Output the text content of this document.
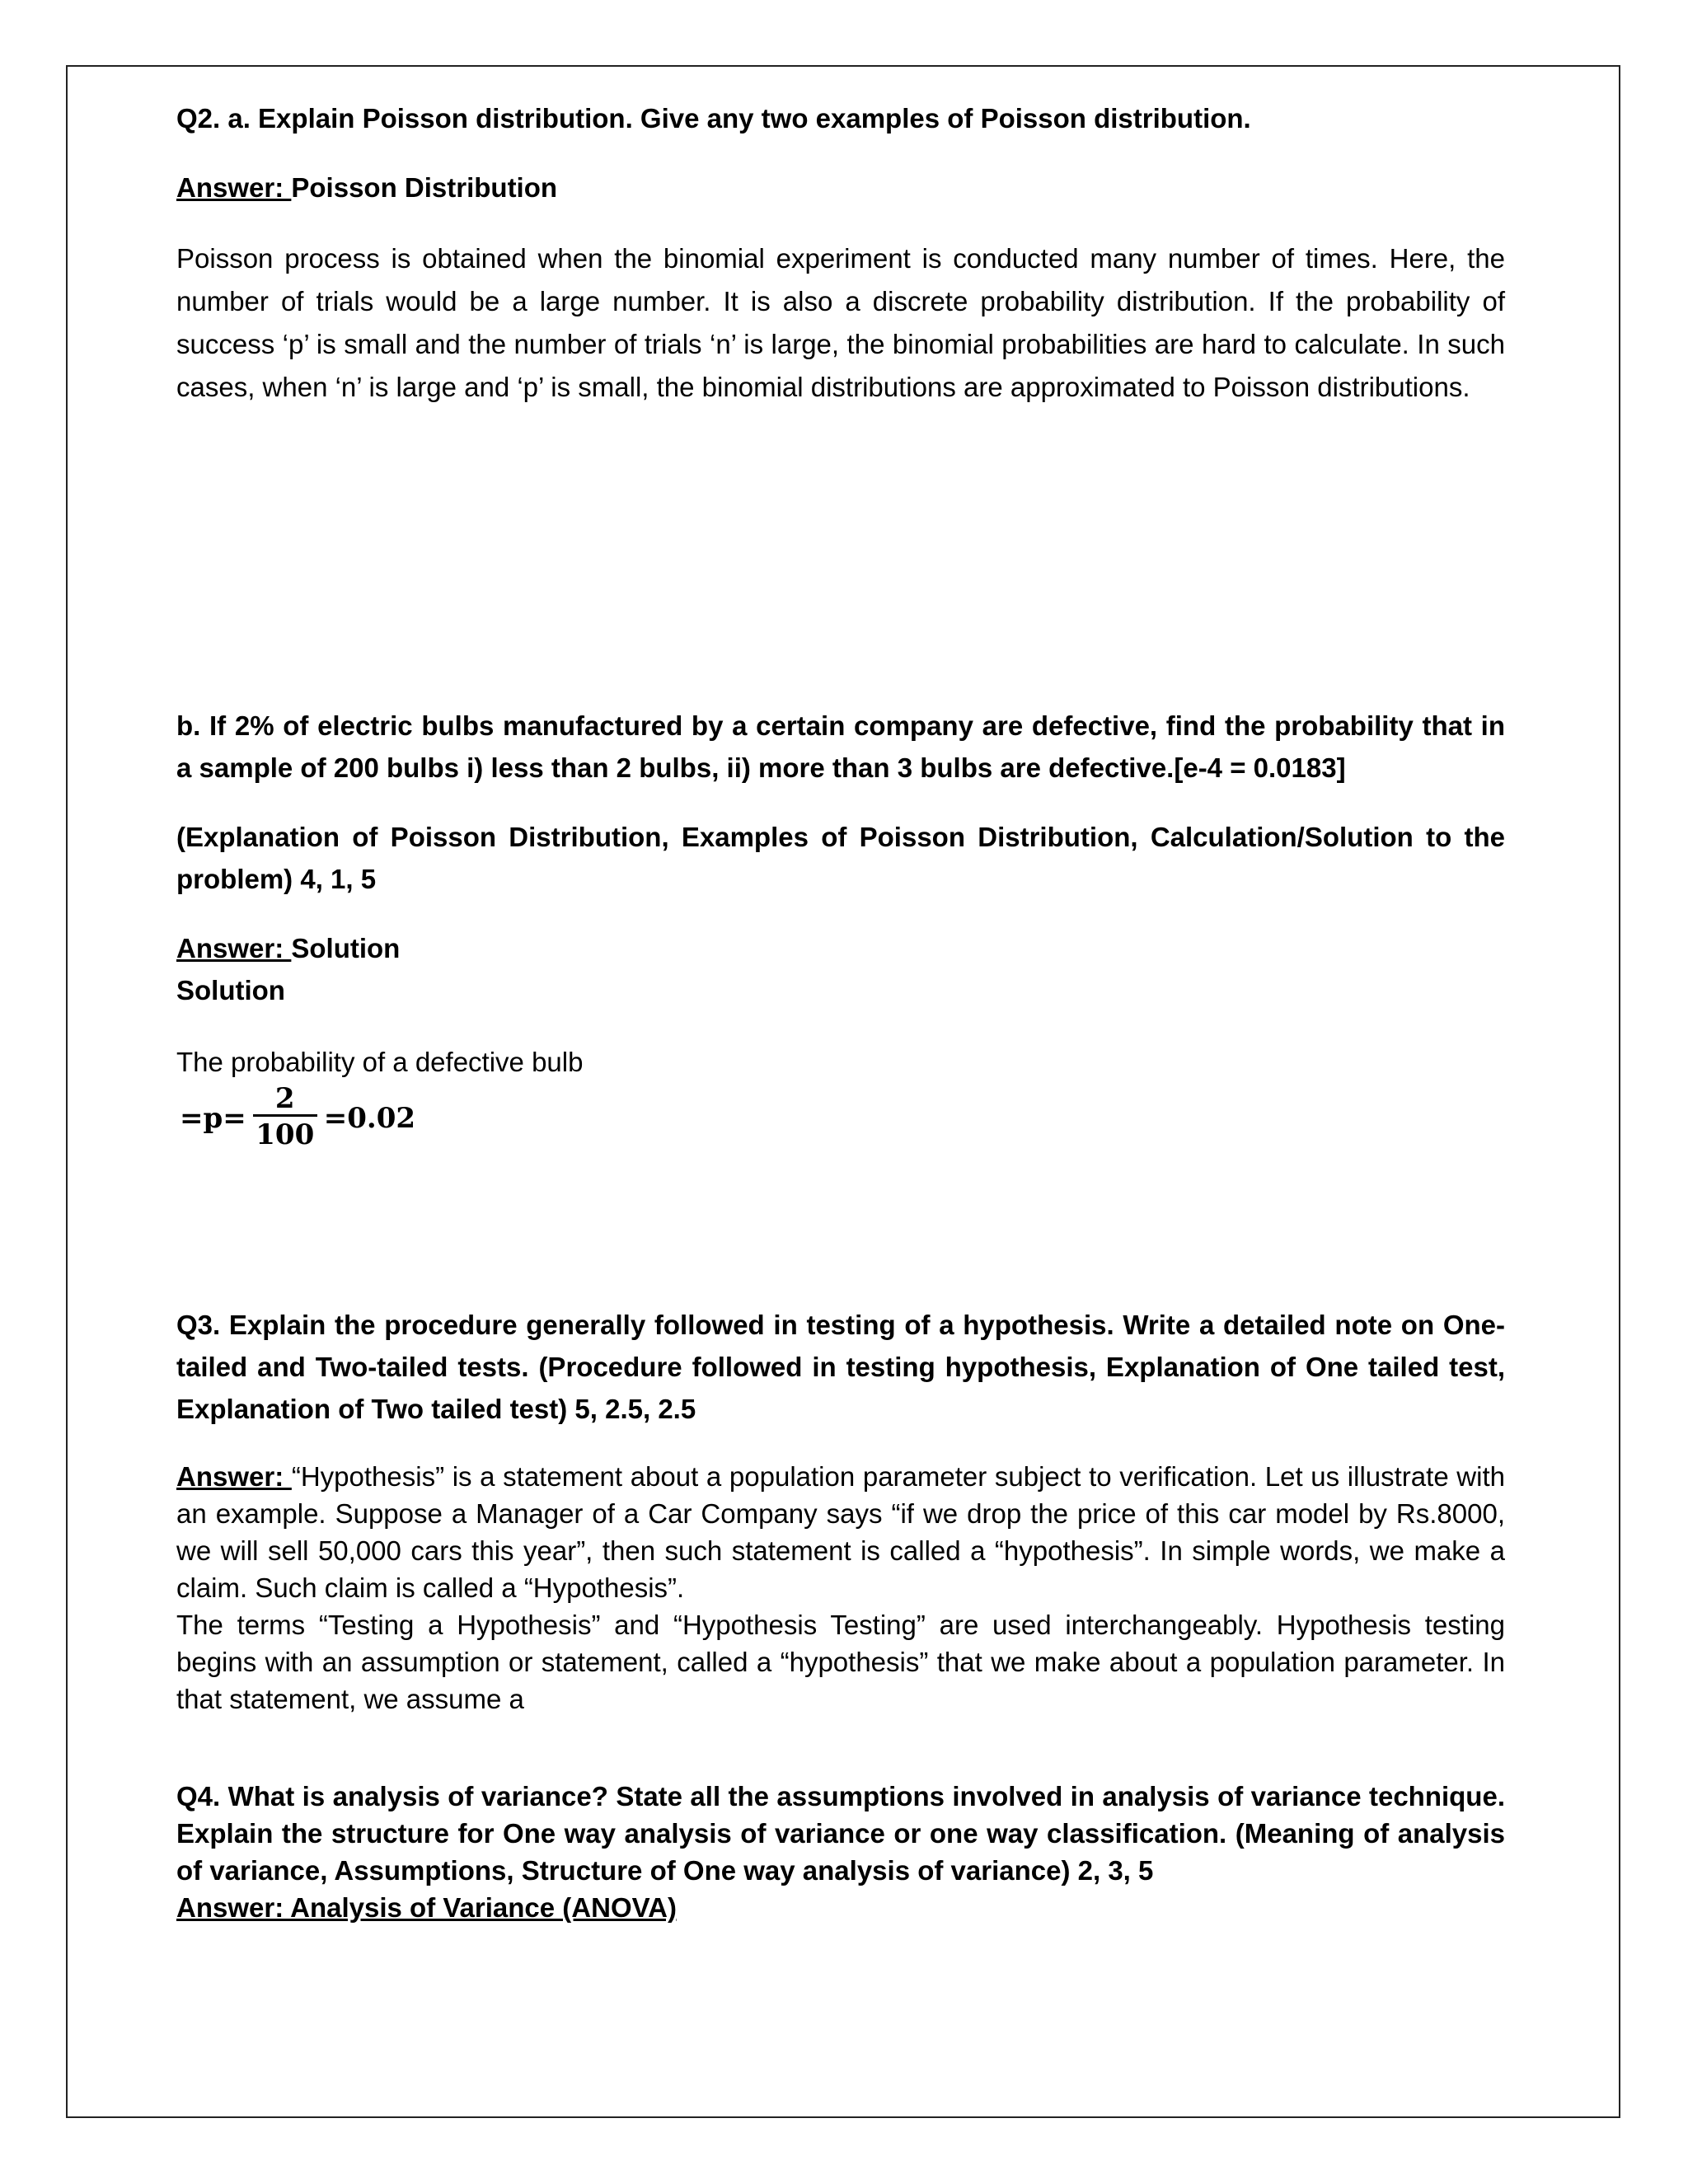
Q2. a. Explain Poisson distribution. Give any two examples of Poisson distribution.

Answer: Poisson Distribution

Poisson process is obtained when the binomial experiment is conducted many number of times. Here, the number of trials would be a large number. It is also a discrete probability distribution. If the probability of success ‘p’ is small and the number of trials ‘n’ is large, the binomial probabilities are hard to calculate. In such cases, when ‘n’ is large and ‘p’ is small, the binomial distributions are approximated to Poisson distributions.

b. If 2% of electric bulbs manufactured by a certain company are defective, find the probability that in a sample of 200 bulbs i) less than 2 bulbs, ii) more than 3 bulbs are defective.[e-4 = 0.0183]

(Explanation of Poisson Distribution, Examples of Poisson Distribution, Calculation/Solution to the problem) 4, 1, 5

Answer: Solution

Solution

The probability of a defective bulb

$=p= \frac{2}{100} =0.02$

Q3. Explain the procedure generally followed in testing of a hypothesis. Write a detailed note on One-tailed and Two-tailed tests. (Procedure followed in testing hypothesis, Explanation of One tailed test, Explanation of Two tailed test) 5, 2.5, 2.5

Answer: “Hypothesis” is a statement about a population parameter subject to verification. Let us illustrate with an example. Suppose a Manager of a Car Company says “if we drop the price of this car model by Rs.8000, we will sell 50,000 cars this year”, then such statement is called a “hypothesis”. In simple words, we make a claim. Such claim is called a “Hypothesis”.

The terms “Testing a Hypothesis” and “Hypothesis Testing” are used interchangeably. Hypothesis testing begins with an assumption or statement, called a “hypothesis” that we make about a population parameter. In that statement, we assume a

Q4. What is analysis of variance? State all the assumptions involved in analysis of variance technique. Explain the structure for One way analysis of variance or one way classification. (Meaning of analysis of variance, Assumptions, Structure of One way analysis of variance) 2, 3, 5

Answer: Analysis of Variance (ANOVA)
